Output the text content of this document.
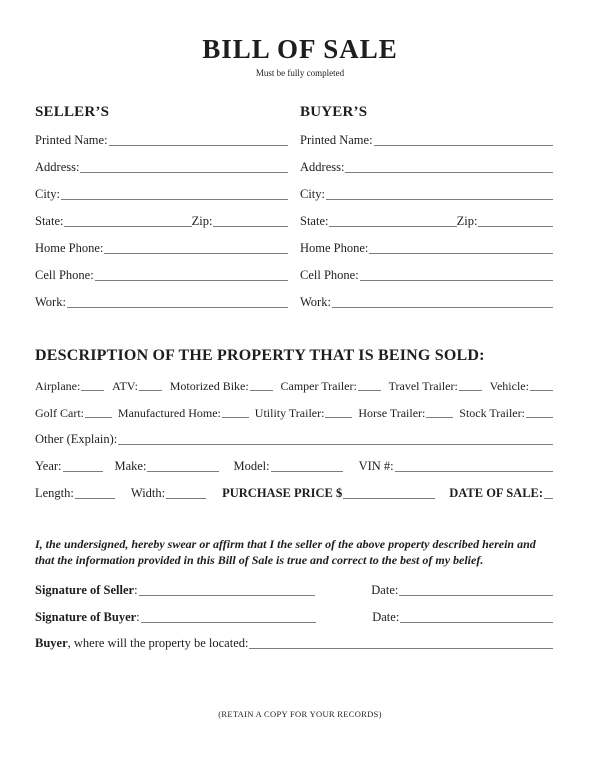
BILL OF SALE
Must be fully completed
SELLER’S
Printed Name:
Address:
City:
State:	Zip:
Home Phone:
Cell Phone:
Work:
BUYER’S
Printed Name:
Address:
City:
State:	Zip:
Home Phone:
Cell Phone:
Work:
DESCRIPTION OF THE PROPERTY THAT IS BEING SOLD:
Airplane:	ATV:	Motorized Bike:	Camper Trailer:	Travel Trailer:	Vehicle:
Golf Cart:	Manufactured Home:	Utility Trailer:	Horse Trailer:	Stock Trailer:
Other (Explain):
Year:	Make:	Model:	VIN #:
Length:	Width:	PURCHASE PRICE $	DATE OF SALE:

I, the undersigned, hereby swear or affirm that I the seller of the above property described herein and that the information provided in this Bill of Sale is true and correct to the best of my belief.

Signature of Seller :	Date:
Signature of Buyer :	Date:
Buyer , where will the property be located:
(RETAIN A COPY FOR YOUR RECORDS)
